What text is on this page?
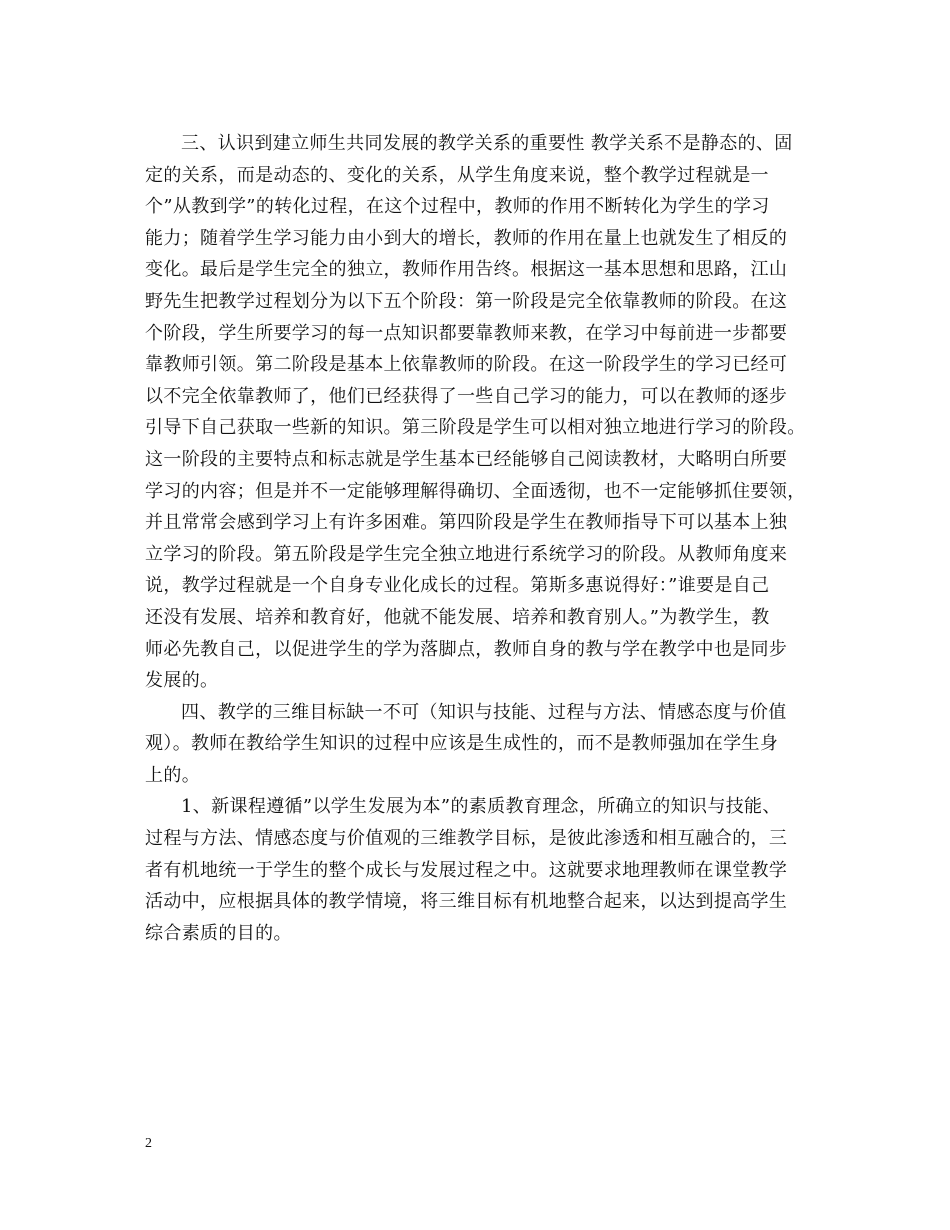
三、认识到建立师生共同发展的教学关系的重要性 教学关系不是静态的、固
定的关系，而是动态的、变化的关系，从学生角度来说，整个教学过程就是一
个”从教到学”的转化过程，在这个过程中，教师的作用不断转化为学生的学习
能力；随着学生学习能力由小到大的增长，教师的作用在量上也就发生了相反的
变化。最后是学生完全的独立，教师作用告终。根据这一基本思想和思路，江山
野先生把教学过程划分为以下五个阶段：第一阶段是完全依靠教师的阶段。在这
个阶段，学生所要学习的每一点知识都要靠教师来教，在学习中每前进一步都要
靠教师引领。第二阶段是基本上依靠教师的阶段。在这一阶段学生的学习已经可
以不完全依靠教师了，他们已经获得了一些自己学习的能力，可以在教师的逐步
引导下自己获取一些新的知识。第三阶段是学生可以相对独立地进行学习的阶段。
这一阶段的主要特点和标志就是学生基本已经能够自己阅读教材，大略明白所要
学习的内容；但是并不一定能够理解得确切、全面透彻，也不一定能够抓住要领，
并且常常会感到学习上有许多困难。第四阶段是学生在教师指导下可以基本上独
立学习的阶段。第五阶段是学生完全独立地进行系统学习的阶段。从教师角度来
说，教学过程就是一个自身专业化成长的过程。第斯多惠说得好：”谁要是自己
还没有发展、培养和教育好，他就不能发展、培养和教育别人。”为教学生，教
师必先教自己，以促进学生的学为落脚点，教师自身的教与学在教学中也是同步
发展的。
四、教学的三维目标缺一不可（知识与技能、过程与方法、情感态度与价值
观）。教师在教给学生知识的过程中应该是生成性的，而不是教师强加在学生身
上的。
1、新课程遵循”以学生发展为本”的素质教育理念，所确立的知识与技能、
过程与方法、情感态度与价值观的三维教学目标，是彼此渗透和相互融合的，三
者有机地统一于学生的整个成长与发展过程之中。这就要求地理教师在课堂教学
活动中，应根据具体的教学情境，将三维目标有机地整合起来，以达到提高学生
综合素质的目的。
2
